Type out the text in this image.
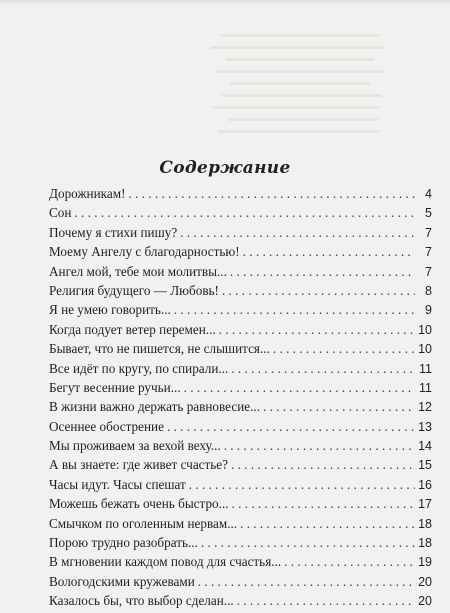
Содержание
Дорожникам! . . .	4
Сон . . .	5
Почему я стихи пишу? . . .	7
Моему Ангелу с благодарностью! . . .	7
Ангел мой, тебе мои молитвы... . . .	7
Религия будущего — Любовь! . . .	8
Я не умею говорить... . . .	9
Когда подует ветер перемен... . . .	10
Бывает, что не пишется, не слышится... . . .	10
Все идёт по кругу, по спирали... . . .	11
Бегут весенние ручьи... . . .	11
В жизни важно держать равновесие... . . .	12
Осеннее обострение . . .	13
Мы проживаем за вехой веху... . . .	14
А вы знаете: где живет счастье? . . .	15
Часы идут. Часы спешат . . .	16
Можешь бежать очень быстро... . . .	17
Смычком по оголенным нервам... . . .	18
Порою трудно разобрать... . . .	18
В мгновении каждом повод для счастья... . . .	19
Вологодскими кружевами . . .	20
Казалось бы, что выбор сделан... . . .	20
